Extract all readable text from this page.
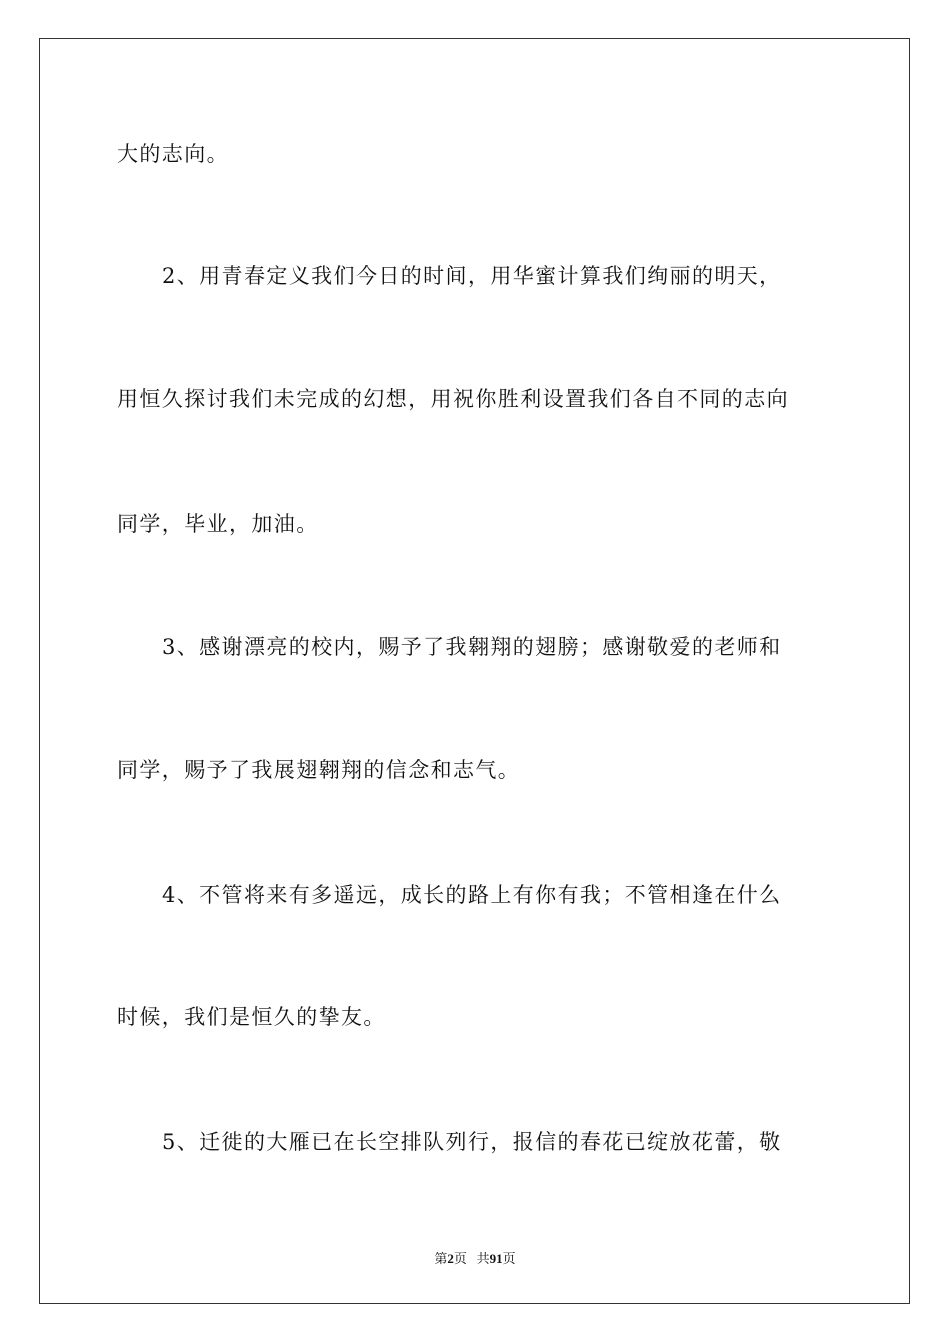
大的志向。

2、用青春定义我们今日的时间，用华蜜计算我们绚丽的明天，

用恒久探讨我们未完成的幻想，用祝你胜利设置我们各自不同的志向

同学，毕业，加油。

3、感谢漂亮的校内，赐予了我翱翔的翅膀；感谢敬爱的老师和

同学，赐予了我展翅翱翔的信念和志气。

4、不管将来有多遥远，成长的路上有你有我；不管相逢在什么

时候，我们是恒久的挚友。

5、迁徙的大雁已在长空排队列行，报信的春花已绽放花蕾，敬

第2页 共91页
